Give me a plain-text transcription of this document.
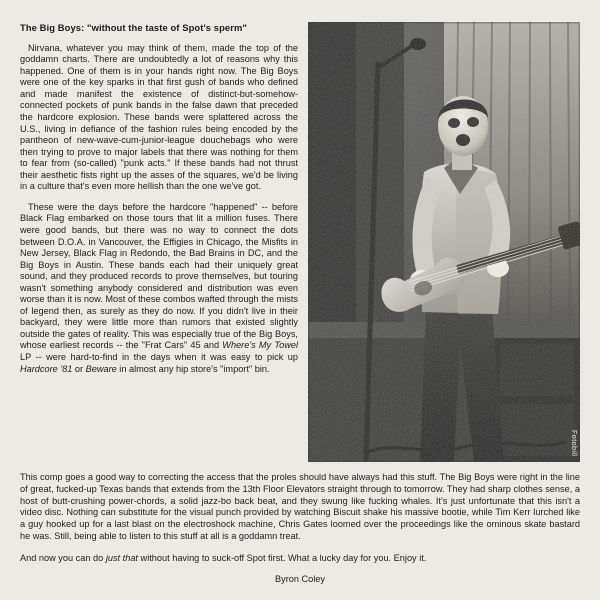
The Big Boys: "without the taste of Spot's sperm"
Nirvana, whatever you may think of them, made the top of the goddamn charts. There are undoubtedly a lot of reasons why this happened. One of them is in your hands right now. The Big Boys were one of the key sparks in that first gush of bands who defined and made manifest the existence of distinct-but-somehow-connected pockets of punk bands in the false dawn that preceded the hardcore explosion. These bands were splattered across the U.S., living in defiance of the fashion rules being encoded by the pantheon of new-wave-cum-junior-league douchebags who were then trying to prove to major labels that there was nothing for them to fear from (so-called) "punk acts." If these bands had not thrust their aesthetic fists right up the asses of the squares, we'd be living in a culture that's even more hellish than the one we've got.
These were the days before the hardcore "happened" -- before Black Flag embarked on those tours that lit a million fuses. There were good bands, but there was no way to connect the dots between D.O.A. in Vancouver, the Effigies in Chicago, the Misfits in New Jersey, Black Flag in Redondo, the Bad Brains in DC, and the Big Boys in Austin. These bands each had their uniquely great sound, and they produced records to prove themselves, but touring wasn't something anybody considered and distribution was even worse than it is now. Most of these combos wafted through the mists of legend then, as surely as they do now. If you didn't live in their backyard, they were little more than rumors that existed slightly outside the gates of reality. This was especially true of the Big Boys, whose earliest records -- the "Frat Cars" 45 and Where's My Towel LP -- were hard-to-find in the days when it was easy to pick up Hardcore '81 or Beware in almost any hip store's "import" bin.
Fotobill
This comp goes a good way to correcting the access that the proles should have always had this stuff. The Big Boys were right in the line of great, fucked-up Texas bands that extends from the 13th Floor Elevators straight through to tomorrow. They had sharp clothes sense, a host of butt-crushing power-chords, a solid jazz-bo back beat, and they swung like fucking whales. It's just unfortunate that this isn't a video disc. Nothing can substitute for the visual punch provided by watching Biscuit shake his massive bootie, while Tim Kerr lurched like a guy hooked up for a last blast on the electroshock machine, Chris Gates loomed over the proceedings like the ominous skate bastard he was. Still, being able to listen to this stuff at all is a goddamn treat.
And now you can do just that without having to suck-off Spot first. What a lucky day for you. Enjoy it.
Byron Coley
